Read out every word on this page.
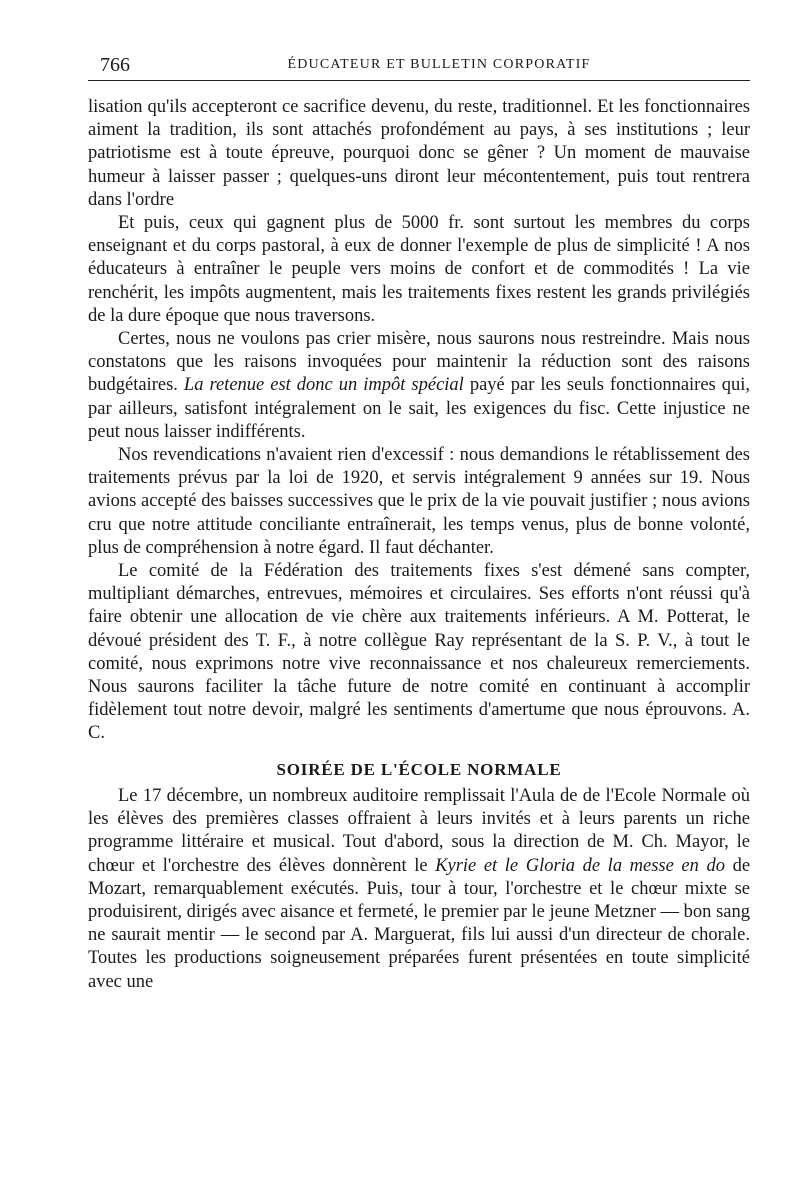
766	ÉDUCATEUR ET BULLETIN CORPORATIF

lisation qu'ils accepteront ce sacrifice devenu, du reste, traditionnel. Et les fonctionnaires aiment la tradition, ils sont attachés profondément au pays, à ses institutions ; leur patriotisme est à toute épreuve, pourquoi donc se gêner ? Un moment de mauvaise humeur à laisser passer ; quelques-uns diront leur mécontentement, puis tout rentrera dans l'ordre

Et puis, ceux qui gagnent plus de 5000 fr. sont surtout les membres du corps enseignant et du corps pastoral, à eux de donner l'exemple de plus de simplicité ! A nos éducateurs à entraîner le peuple vers moins de confort et de commodités ! La vie renchérit, les impôts augmentent, mais les traitements fixes restent les grands privilégiés de la dure époque que nous traversons.

Certes, nous ne voulons pas crier misère, nous saurons nous restreindre. Mais nous constatons que les raisons invoquées pour maintenir la réduction sont des raisons budgétaires. La retenue est donc un impôt spécial payé par les seuls fonctionnaires qui, par ailleurs, satisfont intégralement on le sait, les exigences du fisc. Cette injustice ne peut nous laisser indifférents.

Nos revendications n'avaient rien d'excessif : nous demandions le rétablissement des traitements prévus par la loi de 1920, et servis intégralement 9 années sur 19. Nous avions accepté des baisses successives que le prix de la vie pouvait justifier ; nous avions cru que notre attitude conciliante entraînerait, les temps venus, plus de bonne volonté, plus de compréhension à notre égard. Il faut déchanter.

Le comité de la Fédération des traitements fixes s'est démené sans compter, multipliant démarches, entrevues, mémoires et circulaires. Ses efforts n'ont réussi qu'à faire obtenir une allocation de vie chère aux traitements inférieurs. A M. Potterat, le dévoué président des T. F., à notre collègue Ray représentant de la S. P. V., à tout le comité, nous exprimons notre vive reconnaissance et nos chaleureux remerciements. Nous saurons faciliter la tâche future de notre comité en continuant à accomplir fidèlement tout notre devoir, malgré les sentiments d'amertume que nous éprouvons. A. C.

SOIRÉE DE L'ÉCOLE NORMALE

Le 17 décembre, un nombreux auditoire remplissait l'Aula de de l'Ecole Normale où les élèves des premières classes offraient à leurs invités et à leurs parents un riche programme littéraire et musical. Tout d'abord, sous la direction de M. Ch. Mayor, le chœur et l'orchestre des élèves donnèrent le Kyrie et le Gloria de la messe en do de Mozart, remarquablement exécutés. Puis, tour à tour, l'orchestre et le chœur mixte se produisirent, dirigés avec aisance et fermeté, le premier par le jeune Metzner — bon sang ne saurait mentir — le second par A. Marguerat, fils lui aussi d'un directeur de chorale. Toutes les productions soigneusement préparées furent présentées en toute simplicité avec une
